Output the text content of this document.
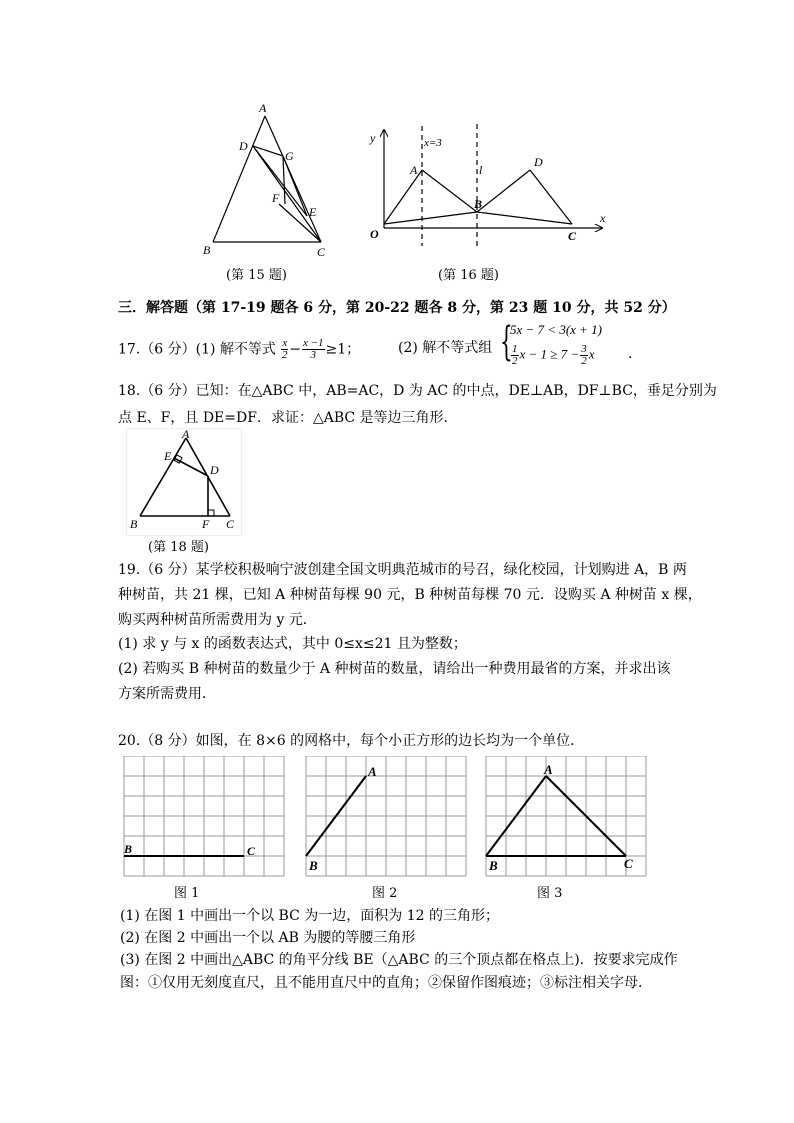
A
D
G
F
E
B	C
(第 15 题)
y	x=3
l
A
D
B
O	C
x
(第 16 题)
三．解答题（第 17-19 题各 6 分，第 20-22 题各 8 分，第 23 题 10 分，共 52 分）
17.（6 分）(1) 解不等式 $\frac{x}{2} - \frac{x -1}{3} \ge 1$；	(2) 解不等式组 {
5x − 7 < 3(x + 1)
$\frac{1}{2}$ $x - 1 \ge 7 - \frac{3}{2}$ x .
18.（6 分）已知：在△ABC 中，AB=AC，D 为 AC 的中点，DE⊥AB，DF⊥BC，垂足分别为
点 E、F，且 DE=DF．求证：△ABC 是等边三角形．
A
E
D
B	F C
(第 18 题)
19.（6 分）某学校积极响宁波创建全国文明典范城市的号召，绿化校园，计划购进 A，B 两
种树苗，共 21 棵，已知 A 种树苗每棵 90 元，B 种树苗每棵 70 元．设购买 A 种树苗 x 棵，
购买两种树苗所需费用为 y 元．
(1) 求 y 与 x 的函数表达式，其中 0≤x≤21 且为整数；
(2) 若购买 B 种树苗的数量少于 A 种树苗的数量，请给出一种费用最省的方案，并求出该
方案所需费用．
20.（8 分）如图，在 8×6 的网格中，每个小正方形的边长均为一个单位．
B	C
A
B
A
B	C
图 1	图 2	图 3
(1) 在图 1 中画出一个以 BC 为一边，面积为 12 的三角形；
(2) 在图 2 中画出一个以 AB 为腰的等腰三角形
(3) 在图 2 中画出△ABC 的角平分线 BE（△ABC 的三个顶点都在格点上)．按要求完成作
图：①仅用无刻度直尺，且不能用直尺中的直角；②保留作图痕迹；③标注相关字母．
